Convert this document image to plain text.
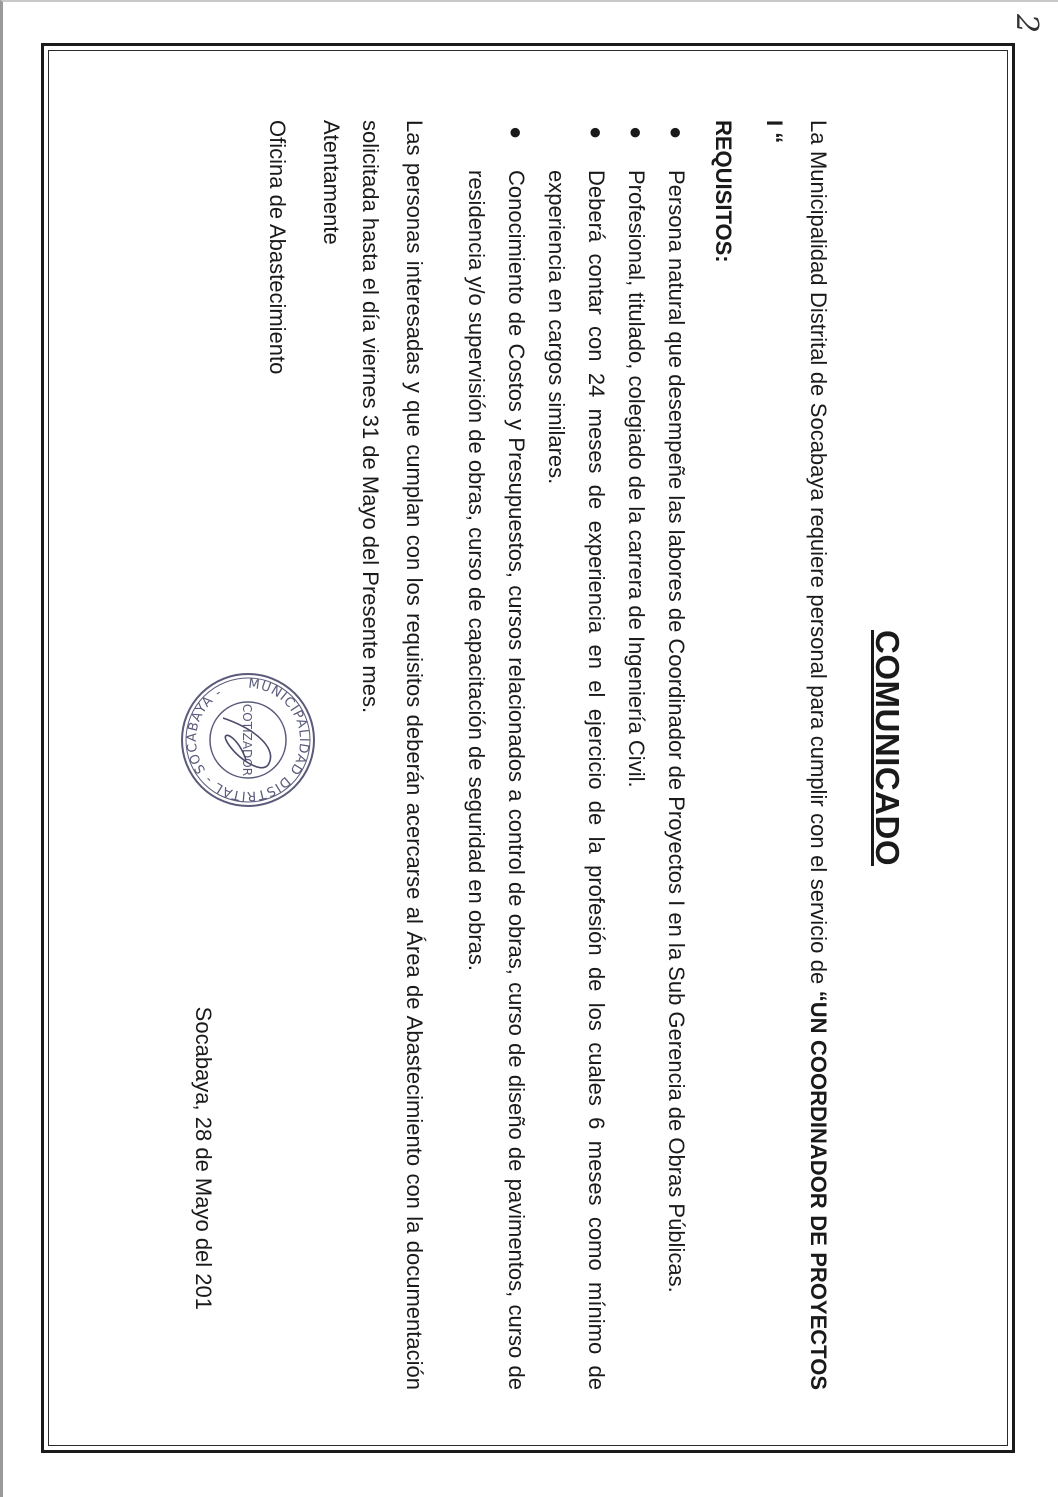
2
COMUNICADO
La Municipalidad Distrital de Socabaya requiere personal para cumplir con el servicio de “UN COORDINADOR DE PROYECTOS I “
REQUISITOS:
●
Persona natural que desempeñe las labores de Coordinador de Proyectos I en la Sub Gerencia de Obras Públicas.
●
Profesional, titulado, colegiado de la carrera de Ingeniería Civil.
●
Deberá contar con 24 meses de experiencia en el ejercicio de la profesión de los cuales 6 meses como mínimo de experiencia en cargos similares.
●
Conocimiento de Costos y Presupuestos, cursos relacionados a control de obras, curso de diseño de pavimentos, curso de residencia y/o supervisión de obras, curso de capacitación de seguridad en obras.
Las personas interesadas y que cumplan con los requisitos deberán acercarse al Área de Abastecimiento con la documentación solicitada hasta el día viernes 31 de Mayo del Presente mes.
Atentamente
Oficina de Abastecimiento
Socabaya, 28 de Mayo del 201
MUNICIPALIDAD DISTRITAL - SOCABAYA -
COTIZADOR
